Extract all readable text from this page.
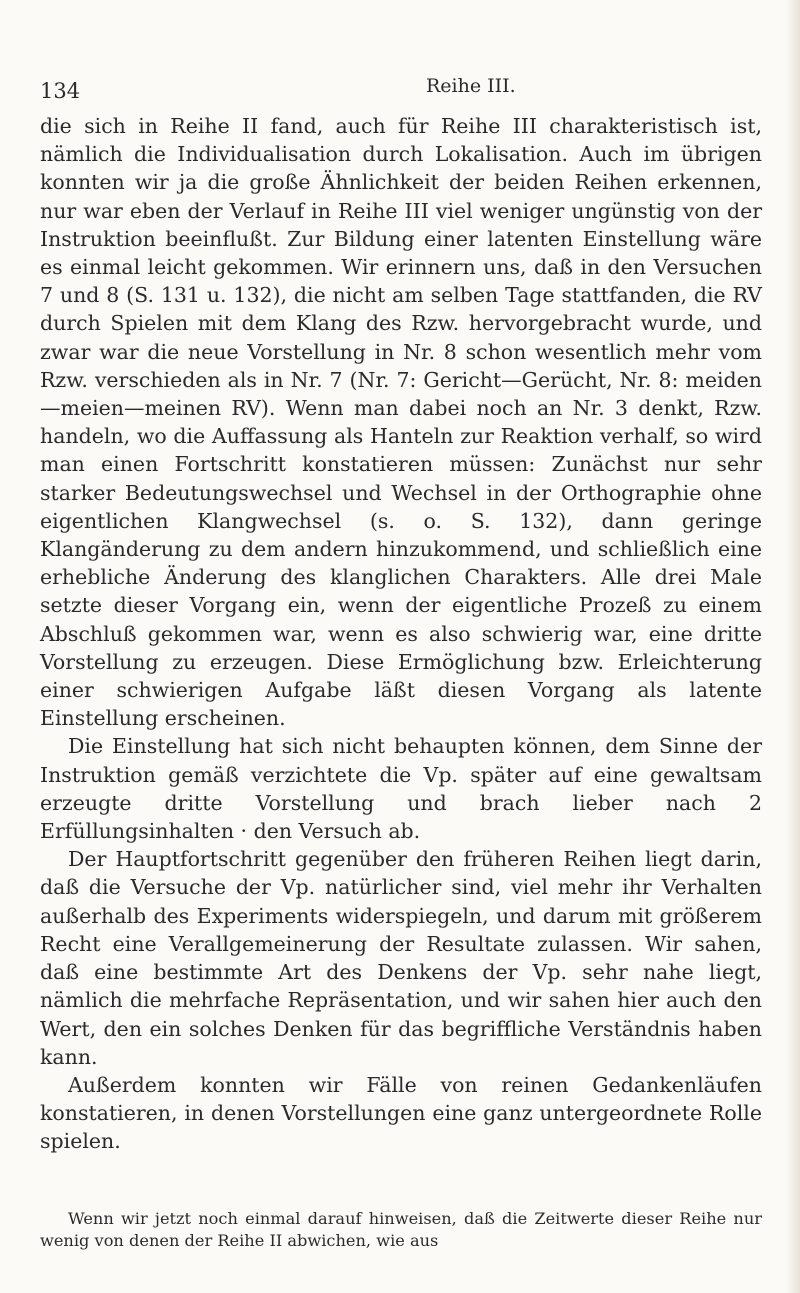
134	Reihe III.

die sich in Reihe II fand, auch für Reihe III charakteristisch ist, nämlich die Individualisation durch Lokalisation. Auch im übrigen konnten wir ja die große Ähnlichkeit der beiden Reihen erkennen, nur war eben der Verlauf in Reihe III viel weniger ungünstig von der Instruktion beeinflußt. Zur Bildung einer latenten Einstellung wäre es einmal leicht gekommen. Wir erinnern uns, daß in den Versuchen 7 und 8 (S. 131 u. 132), die nicht am selben Tage stattfanden, die RV durch Spielen mit dem Klang des Rzw. hervorgebracht wurde, und zwar war die neue Vorstellung in Nr. 8 schon wesentlich mehr vom Rzw. verschieden als in Nr. 7 (Nr. 7: Gericht—Gerücht, Nr. 8: meiden—meien—meinen RV). Wenn man dabei noch an Nr. 3 denkt, Rzw. handeln, wo die Auffassung als Hanteln zur Reaktion verhalf, so wird man einen Fortschritt konstatieren müssen: Zunächst nur sehr starker Bedeutungswechsel und Wechsel in der Orthographie ohne eigentlichen Klangwechsel (s. o. S. 132), dann geringe Klangänderung zu dem andern hinzukommend, und schließlich eine erhebliche Änderung des klanglichen Charakters. Alle drei Male setzte dieser Vorgang ein, wenn der eigentliche Prozeß zu einem Abschluß gekommen war, wenn es also schwierig war, eine dritte Vorstellung zu erzeugen. Diese Ermöglichung bzw. Erleichterung einer schwierigen Aufgabe läßt diesen Vorgang als latente Einstellung erscheinen.

Die Einstellung hat sich nicht behaupten können, dem Sinne der Instruktion gemäß verzichtete die Vp. später auf eine gewaltsam erzeugte dritte Vorstellung und brach lieber nach 2 Erfüllungsinhalten · den Versuch ab.

Der Hauptfortschritt gegenüber den früheren Reihen liegt darin, daß die Versuche der Vp. natürlicher sind, viel mehr ihr Verhalten außerhalb des Experiments widerspiegeln, und darum mit größerem Recht eine Verallgemeinerung der Resultate zulassen. Wir sahen, daß eine bestimmte Art des Denkens der Vp. sehr nahe liegt, nämlich die mehrfache Repräsentation, und wir sahen hier auch den Wert, den ein solches Denken für das begriffliche Verständnis haben kann.

Außerdem konnten wir Fälle von reinen Gedankenläufen konstatieren, in denen Vorstellungen eine ganz untergeordnete Rolle spielen.

Wenn wir jetzt noch einmal darauf hinweisen, daß die Zeitwerte dieser Reihe nur wenig von denen der Reihe II abwichen, wie aus
